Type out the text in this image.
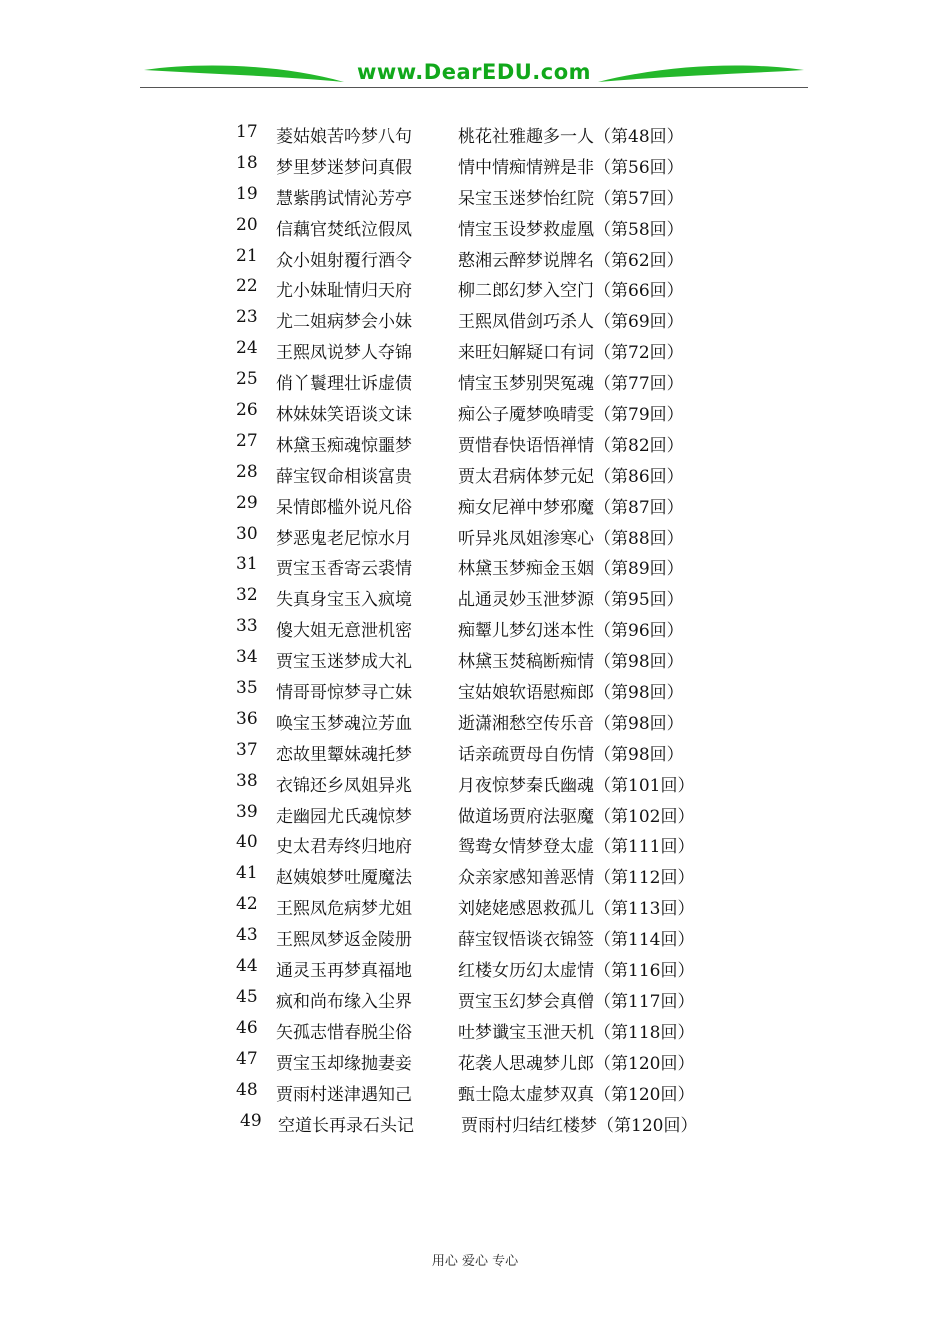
www.DearEDU.com
17 菱姑娘苦吟梦八句	桃花社雅趣多一人（第48回）
18 梦里梦迷梦问真假	情中情痴情辨是非（第56回）
19 慧紫鹃试情沁芳亭	呆宝玉迷梦怡红院（第57回）
20 信藕官焚纸泣假凤	情宝玉设梦救虚凰（第58回）
21 众小姐射覆行酒令	憨湘云醉梦说牌名（第62回）
22 尤小妹耻情归天府	柳二郎幻梦入空门（第66回）
23 尤二姐病梦会小妹	王熙凤借剑巧杀人（第69回）
24 王熙凤说梦人夺锦	来旺妇解疑口有词（第72回）
25 俏丫鬟理壮诉虚债	情宝玉梦别哭冤魂（第77回）
26 林妹妹笑语谈文诔	痴公子魇梦唤晴雯（第79回）
27 林黛玉痴魂惊噩梦	贾惜春快语悟禅情（第82回）
28 薛宝钗命相谈富贵	贾太君病体梦元妃（第86回）
29 呆情郎槛外说凡俗	痴女尼禅中梦邪魔（第87回）
30 梦恶鬼老尼惊水月	听异兆凤姐渗寒心（第88回）
31 贾宝玉香寄云裘情	林黛玉梦痴金玉姻（第89回）
32 失真身宝玉入疯境	乩通灵妙玉泄梦源（第95回）
33 傻大姐无意泄机密	痴颦儿梦幻迷本性（第96回）
34 贾宝玉迷梦成大礼	林黛玉焚稿断痴情（第98回）
35 情哥哥惊梦寻亡妹	宝姑娘软语慰痴郎（第98回）
36 唤宝玉梦魂泣芳血	逝潇湘愁空传乐音（第98回）
37 恋故里颦妹魂托梦	话亲疏贾母自伤情（第98回）
38 衣锦还乡凤姐异兆	月夜惊梦秦氏幽魂（第101回）
39 走幽园尤氏魂惊梦	做道场贾府法驱魔（第102回）
40 史太君寿终归地府	鸳鸯女情梦登太虚（第111回）
41 赵姨娘梦吐魇魔法	众亲家感知善恶情（第112回）
42 王熙凤危病梦尤姐	刘姥姥感恩救孤儿（第113回）
43 王熙凤梦返金陵册	薛宝钗悟谈衣锦签（第114回）
44 通灵玉再梦真福地	红楼女历幻太虚情（第116回）
45 疯和尚布缘入尘界	贾宝玉幻梦会真僧（第117回）
46 矢孤志惜春脱尘俗	吐梦谶宝玉泄天机（第118回）
47 贾宝玉却缘抛妻妾	花袭人思魂梦儿郎（第120回）
48 贾雨村迷津遇知己	甄士隐太虚梦双真（第120回）
49 空道长再录石头记	贾雨村归结红楼梦（第120回）
用心 爱心 专心
